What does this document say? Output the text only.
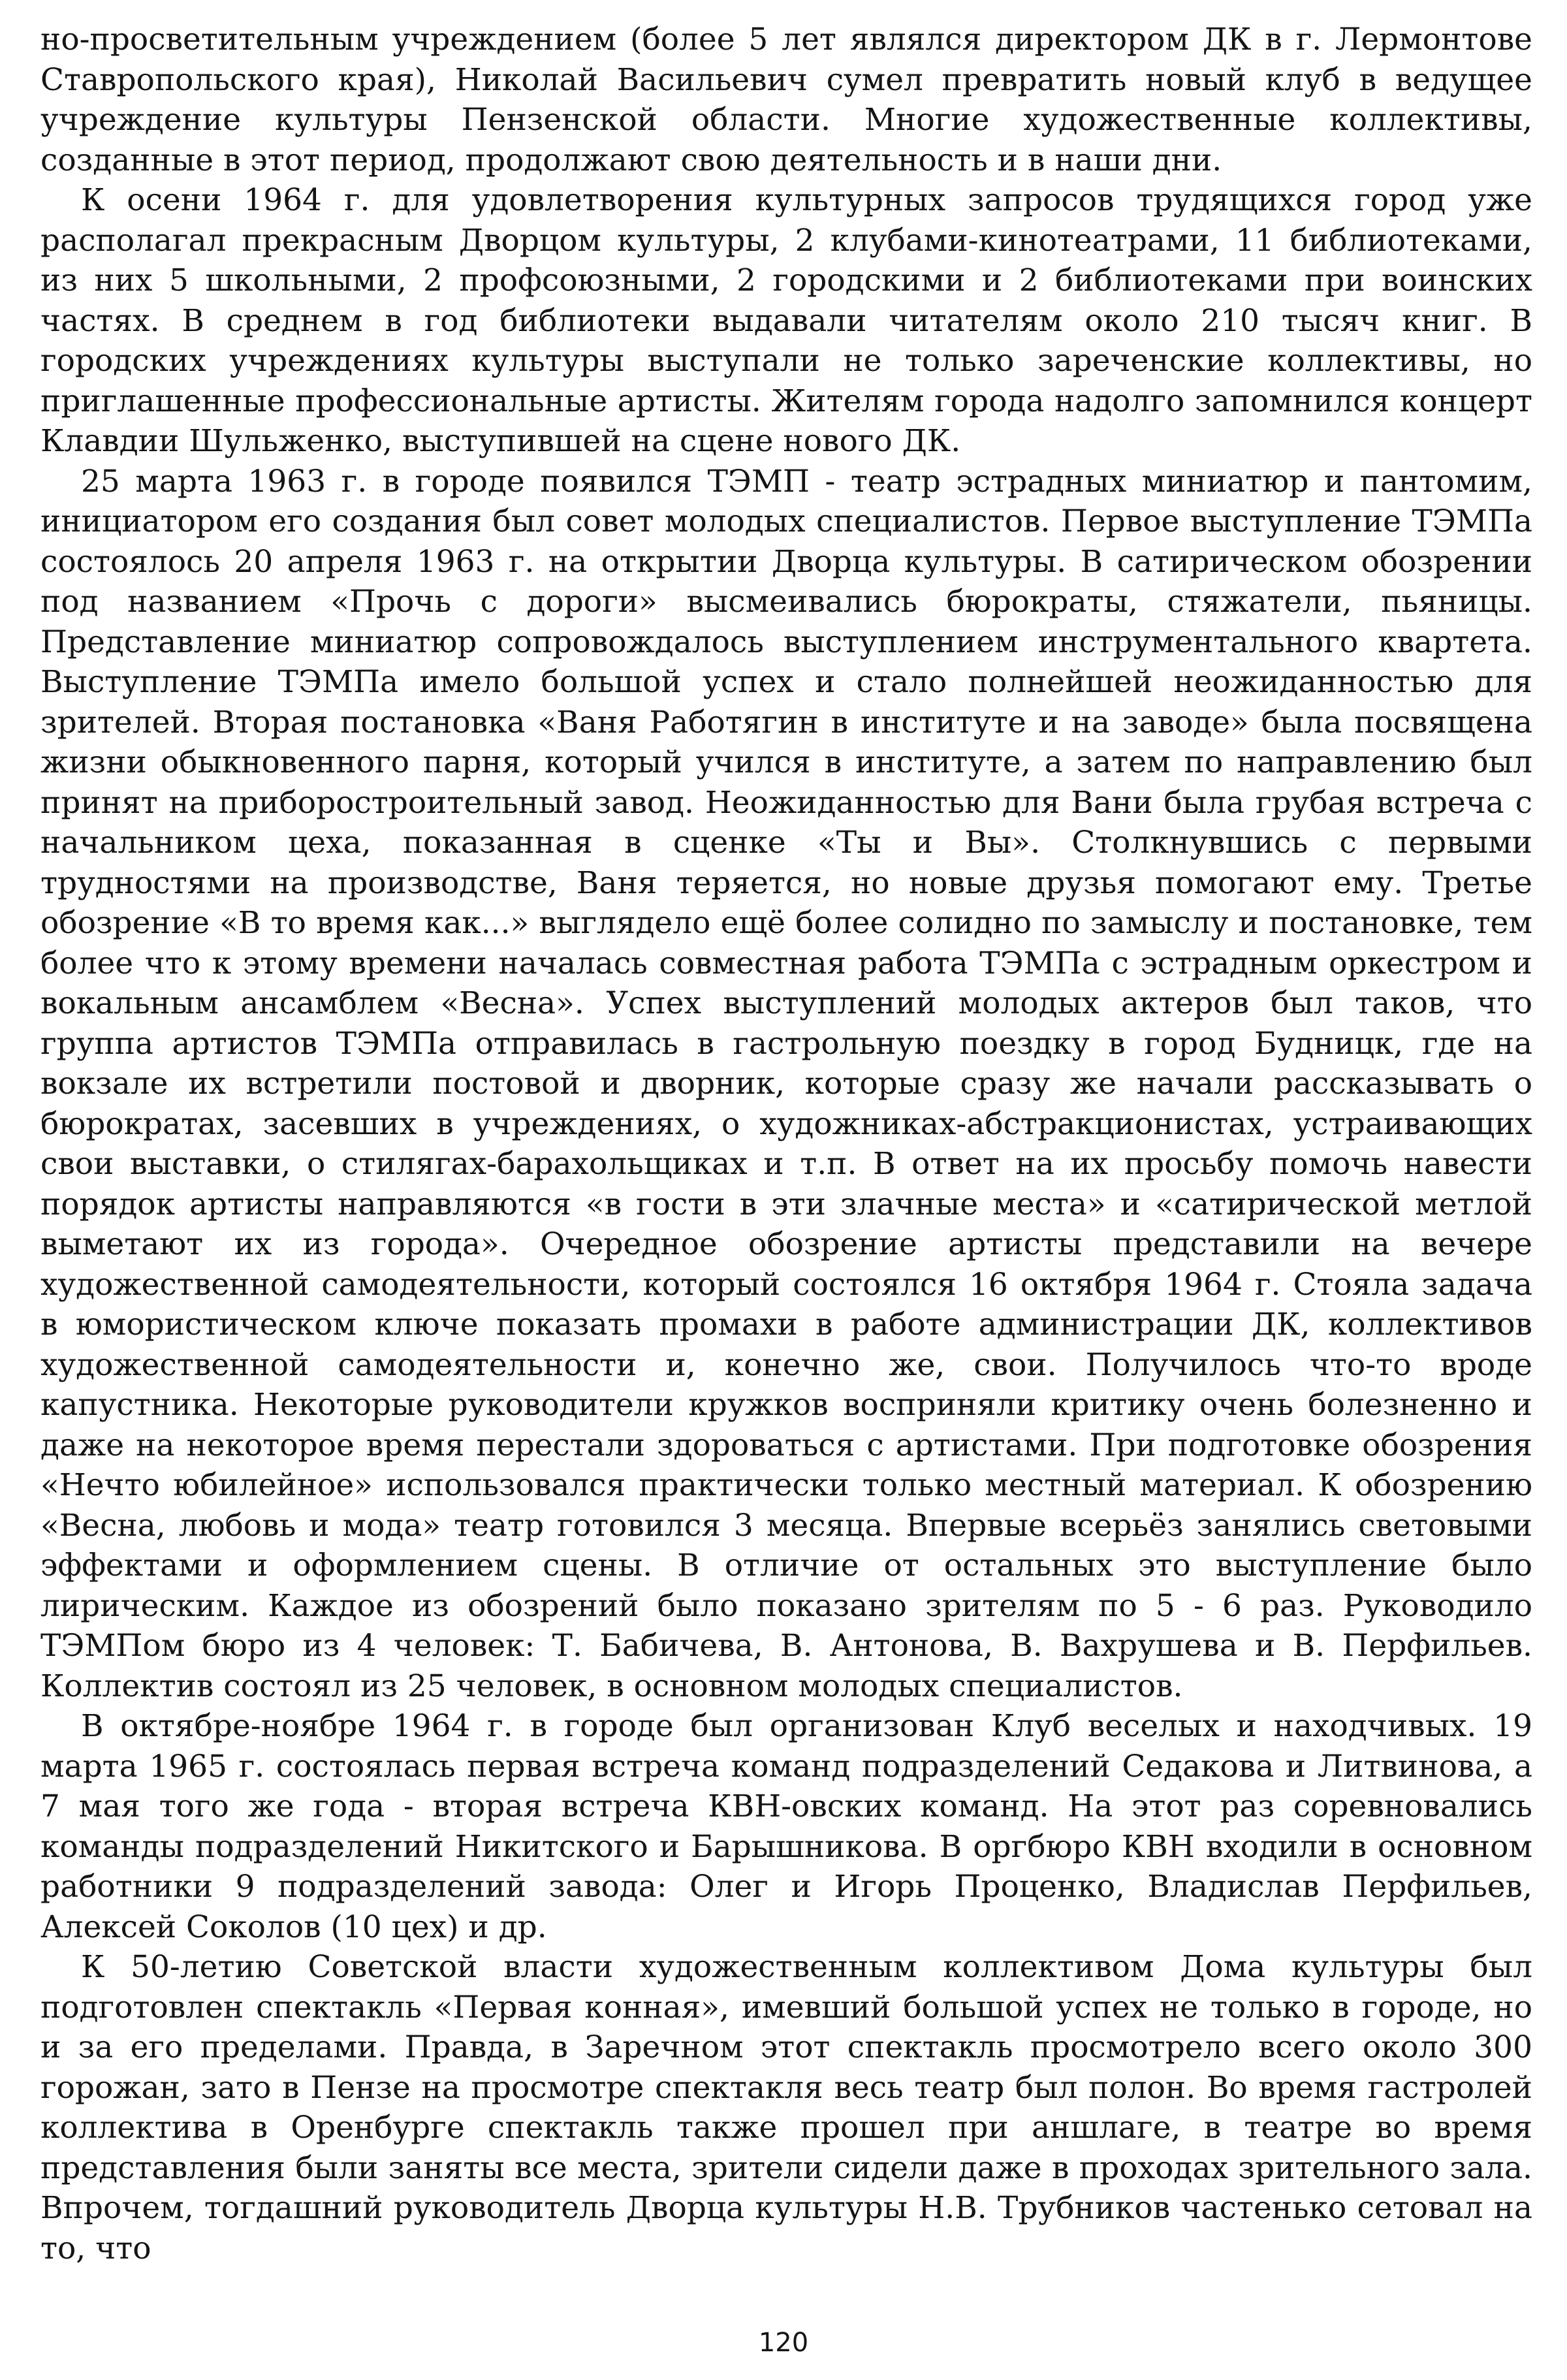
но-просветительным учреждением (более 5 лет являлся директором ДК в г. Лермонтове Ставропольского края), Николай Васильевич сумел превратить новый клуб в ведущее учреждение культуры Пензенской области. Многие художественные коллективы, созданные в этот период, продолжают свою деятельность и в наши дни.

К осени 1964 г. для удовлетворения культурных запросов трудящихся город уже располагал прекрасным Дворцом культуры, 2 клубами-кинотеатрами, 11 библиотеками, из них 5 школьными, 2 профсоюзными, 2 городскими и 2 библиотеками при воинских частях. В среднем в год библиотеки выдавали читателям около 210 тысяч книг. В городских учреждениях культуры выступали не только зареченские коллективы, но приглашенные профессиональные артисты. Жителям города надолго запомнился концерт Клавдии Шульженко, выступившей на сцене нового ДК.

25 марта 1963 г. в городе появился ТЭМП - театр эстрадных миниатюр и пантомим, инициатором его создания был совет молодых специалистов. Первое выступление ТЭМПа состоялось 20 апреля 1963 г. на открытии Дворца культуры. В сатирическом обозрении под названием «Прочь с дороги» высмеивались бюрократы, стяжатели, пьяницы. Представление миниатюр сопровождалось выступлением инструментального квартета. Выступление ТЭМПа имело большой успех и стало полнейшей неожиданностью для зрителей. Вторая постановка «Ваня Работягин в институте и на заводе» была посвящена жизни обыкновенного парня, который учился в институте, а затем по направлению был принят на приборостроительный завод. Неожиданностью для Вани была грубая встреча с начальником цеха, показанная в сценке «Ты и Вы». Столкнувшись с первыми трудностями на производстве, Ваня теряется, но новые друзья помогают ему. Третье обозрение «В то время как...» выглядело ещё более солидно по замыслу и постановке, тем более что к этому времени началась совместная работа ТЭМПа с эстрадным оркестром и вокальным ансамблем «Весна». Успех выступлений молодых актеров был таков, что группа артистов ТЭМПа отправилась в гастрольную поездку в город Будницк, где на вокзале их встретили постовой и дворник, которые сразу же начали рассказывать о бюрократах, засевших в учреждениях, о художниках-абстракционистах, устраивающих свои выставки, о стилягах-барахольщиках и т.п. В ответ на их просьбу помочь навести порядок артисты направляются «в гости в эти злачные места» и «сатирической метлой выметают их из города». Очередное обозрение артисты представили на вечере художественной самодеятельности, который состоялся 16 октября 1964 г. Стояла задача в юмористическом ключе показать промахи в работе администрации ДК, коллективов художественной самодеятельности и, конечно же, свои. Получилось что-то вроде капустника. Некоторые руководители кружков восприняли критику очень болезненно и даже на некоторое время перестали здороваться с артистами. При подготовке обозрения «Нечто юбилейное» использовался практически только местный материал. К обозрению «Весна, любовь и мода» театр готовился 3 месяца. Впервые всерьёз занялись световыми эффектами и оформлением сцены. В отличие от остальных это выступление было лирическим. Каждое из обозрений было показано зрителям по 5 - 6 раз. Руководило ТЭМПом бюро из 4 человек: Т. Бабичева, В. Антонова, В. Вахрушева и В. Перфильев. Коллектив состоял из 25 человек, в основном молодых специалистов.

В октябре-ноябре 1964 г. в городе был организован Клуб веселых и находчивых. 19 марта 1965 г. состоялась первая встреча команд подразделений Седакова и Литвинова, а 7 мая того же года - вторая встреча КВН-овских команд. На этот раз соревновались команды подразделений Никитского и Барышникова. В оргбюро КВН входили в основном работники 9 подразделений завода: Олег и Игорь Проценко, Владислав Перфильев, Алексей Соколов (10 цех) и др.

К 50-летию Советской власти художественным коллективом Дома культуры был подготовлен спектакль «Первая конная», имевший большой успех не только в городе, но и за его пределами. Правда, в Заречном этот спектакль просмотрело всего около 300 горожан, зато в Пензе на просмотре спектакля весь театр был полон. Во время гастролей коллектива в Оренбурге спектакль также прошел при аншлаге, в театре во время представления были заняты все места, зрители сидели даже в проходах зрительного зала. Впрочем, тогдашний руководитель Дворца культуры Н.В. Трубников частенько сетовал на то, что

120
